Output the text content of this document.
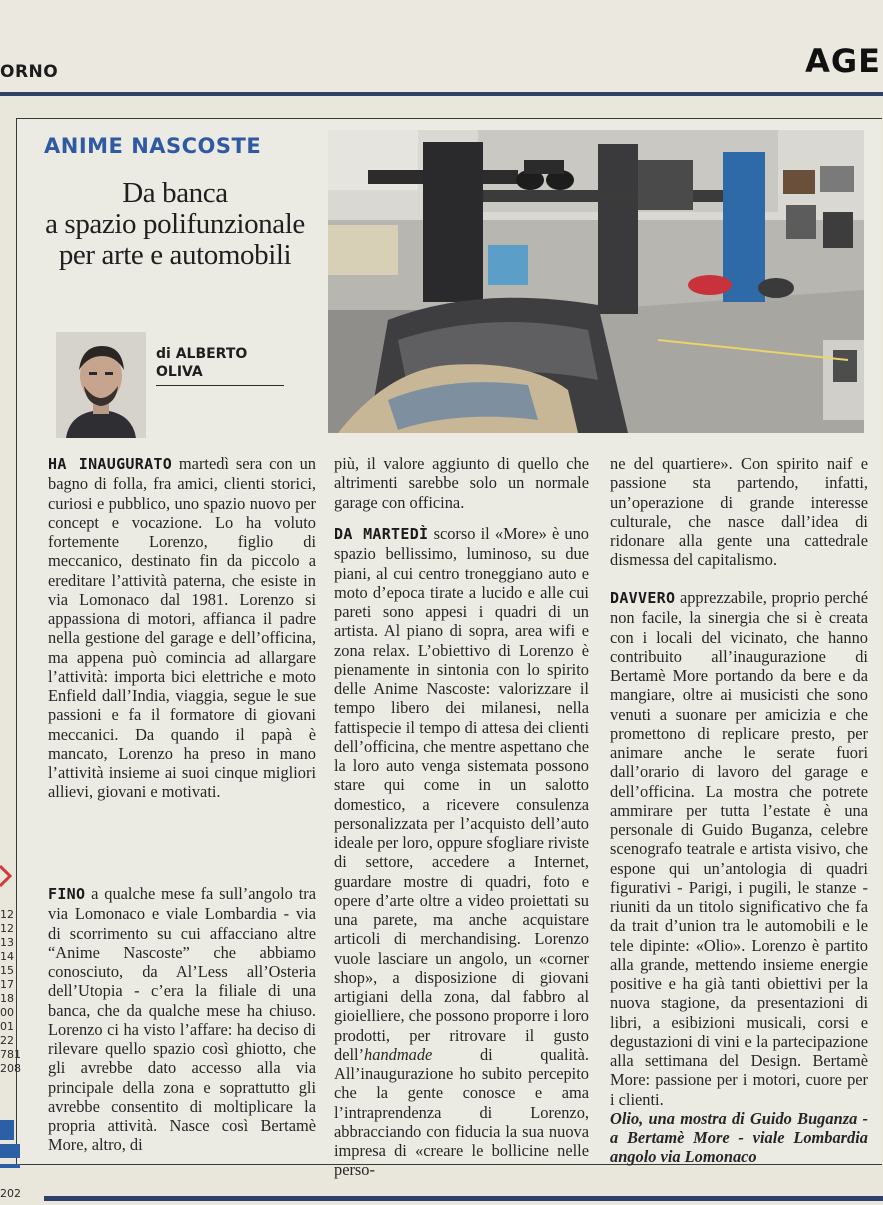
ORNO	AGE
ANIME NASCOSTE
Da banca
a spazio polifunzionale
per arte e automobili
di ALBERTO
OLIVA

HA INAUGURATO martedì sera con un bagno di folla, fra amici, clienti storici, curiosi e pubblico, uno spazio nuovo per concept e vocazione. Lo ha voluto fortemente Lorenzo, figlio di meccanico, destinato fin da piccolo a ereditare l’attività paterna, che esiste in via Lomonaco dal 1981. Lorenzo si appassiona di motori, affianca il padre nella gestione del garage e dell’officina, ma appena può comincia ad allargare l’attività: importa bici elettriche e moto Enfield dall’India, viaggia, segue le sue passioni e fa il formatore di giovani meccanici. Da quando il papà è mancato, Lorenzo ha preso in mano l’attività insieme ai suoi cinque migliori allievi, giovani e motivati.

FINO a qualche mese fa sull’angolo tra via Lomonaco e viale Lombardia - via di scorrimento su cui affacciano altre “Anime Nascoste” che abbiamo conosciuto, da Al’Less all’Osteria dell’Utopia - c’era la filiale di una banca, che da qualche mese ha chiuso. Lorenzo ci ha visto l’affare: ha deciso di rilevare quello spazio così ghiotto, che gli avrebbe dato accesso alla via principale della zona e soprattutto gli avrebbe consentito di moltiplicare la propria attività. Nasce così Bertamè More, altro, di

più, il valore aggiunto di quello che altrimenti sarebbe solo un normale garage con officina.

DA MARTEDÌ scorso il «More» è uno spazio bellissimo, luminoso, su due piani, al cui centro troneggiano auto e moto d’epoca tirate a lucido e alle cui pareti sono appesi i quadri di un artista. Al piano di sopra, area wifi e zona relax. L’obiettivo di Lorenzo è pienamente in sintonia con lo spirito delle Anime Nascoste: valorizzare il tempo libero dei milanesi, nella fattispecie il tempo di attesa dei clienti dell’officina, che mentre aspettano che la loro auto venga sistemata possono stare qui come in un salotto domestico, a ricevere consulenza personalizzata per l’acquisto dell’auto ideale per loro, oppure sfogliare riviste di settore, accedere a Internet, guardare mostre di quadri, foto e opere d’arte oltre a video proiettati su una parete, ma anche acquistare articoli di merchandising. Lorenzo vuole lasciare un angolo, un «corner shop», a disposizione di giovani artigiani della zona, dal fabbro al gioielliere, che possono proporre i loro prodotti, per ritrovare il gusto dell’handmade di qualità. All’inaugurazione ho subito percepito che la gente conosce e ama l’intraprendenza di Lorenzo, abbracciando con fiducia la sua nuova impresa di «creare le bollicine nelle perso-

ne del quartiere». Con spirito naif e passione sta partendo, infatti, un’operazione di grande interesse culturale, che nasce dall’idea di ridonare alla gente una cattedrale dismessa del capitalismo.

DAVVERO apprezzabile, proprio perché non facile, la sinergia che si è creata con i locali del vicinato, che hanno contribuito all’inaugurazione di Bertamè More portando da bere e da mangiare, oltre ai musicisti che sono venuti a suonare per amicizia e che promettono di replicare presto, per animare anche le serate fuori dall’orario di lavoro del garage e dell’officina. La mostra che potrete ammirare per tutta l’estate è una personale di Guido Buganza, celebre scenografo teatrale e artista visivo, che espone qui un’antologia di quadri figurativi - Parigi, i pugili, le stanze - riuniti da un titolo significativo che fa da trait d’union tra le automobili e le tele dipinte: «Olio». Lorenzo è partito alla grande, mettendo insieme energie positive e ha già tanti obiettivi per la nuova stagione, da presentazioni di libri, a esibizioni musicali, corsi e degustazioni di vini e la partecipazione alla settimana del Design. Bertamè More: passione per i motori, cuore per i clienti.

Olio, una mostra di Guido Buganza - a Bertamè More - viale Lombardia angolo via Lomonaco

12
12
13
14
15
17
18
00
01
22
781
208
202
